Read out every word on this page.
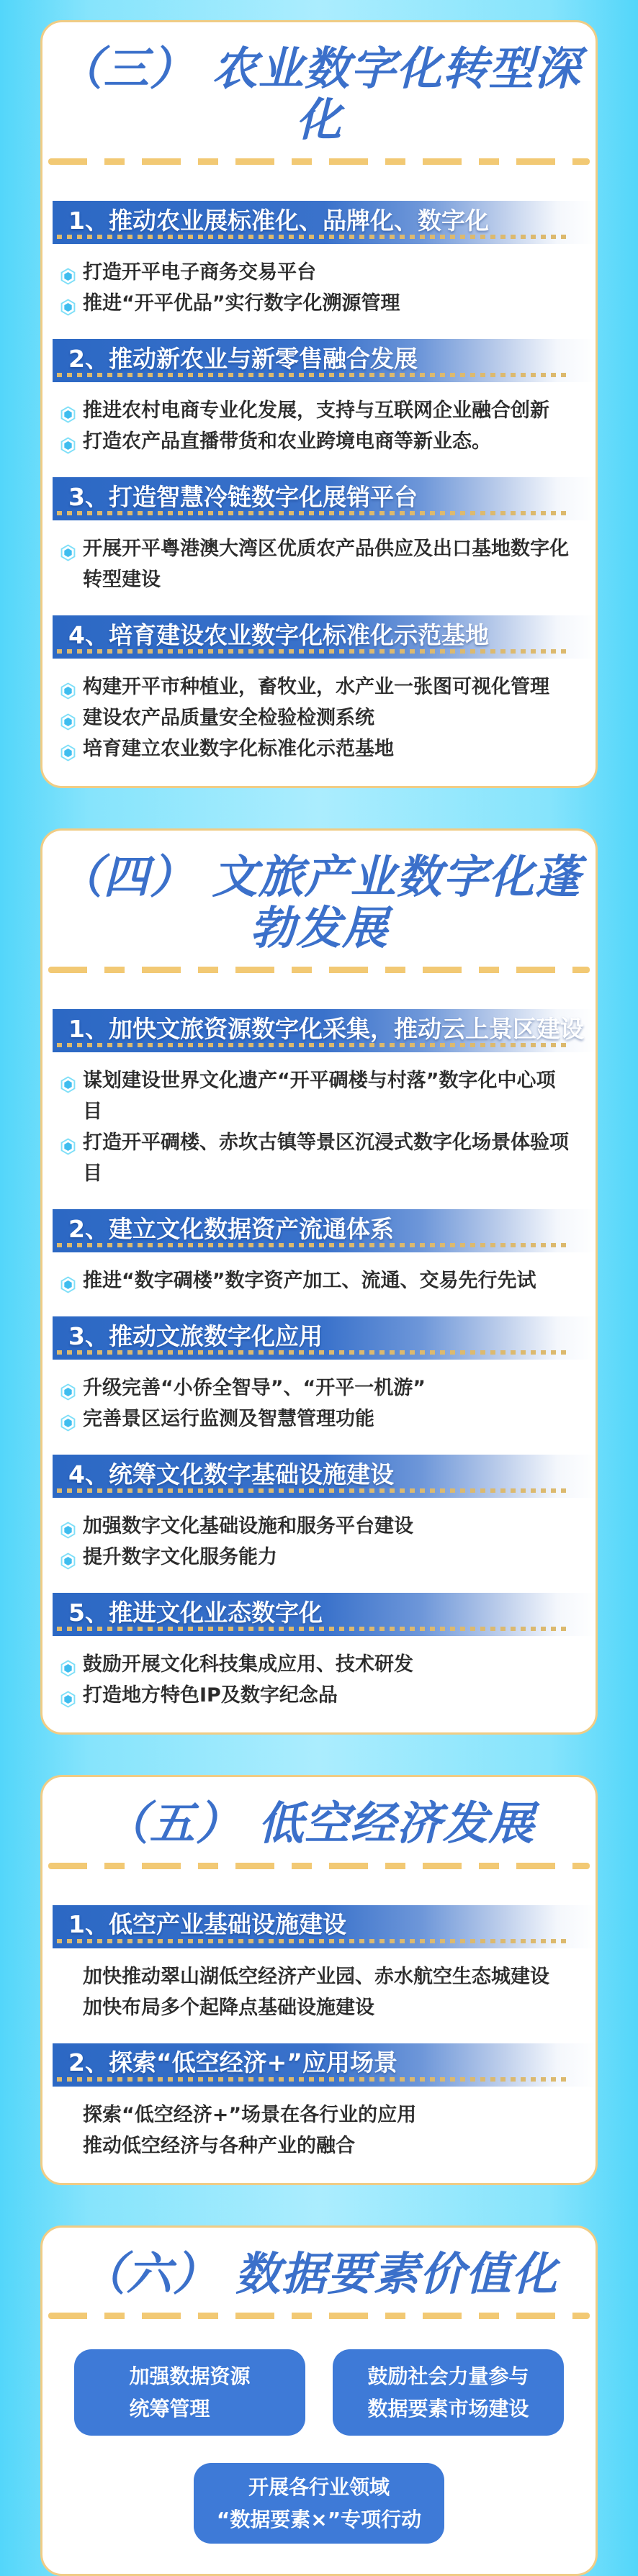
（三） 农业数字化转型深化
1、推动农业展标准化、品牌化、数字化
打造开平电子商务交易平台
推进“开平优品”实行数字化溯源管理
2、推动新农业与新零售融合发展
推进农村电商专业化发展，支持与互联网企业融合创新
打造农产品直播带货和农业跨境电商等新业态。
3、打造智慧冷链数字化展销平台
开展开平粤港澳大湾区优质农产品供应及出口基地数字化 转型建设
4、培育建设农业数字化标准化示范基地
构建开平市种植业，畜牧业，水产业一张图可视化管理
建设农产品质量安全检验检测系统
培育建立农业数字化标准化示范基地
（四） 文旅产业数字化蓬勃发展
1、加快文旅资源数字化采集，推动云上景区建设
谋划建设世界文化遗产“开平碉楼与村落”数字化中心项目
打造开平碉楼、赤坎古镇等景区沉浸式数字化场景体验项目
2、建立文化数据资产流通体系
推进“数字碉楼”数字资产加工、流通、交易先行先试
3、推动文旅数字化应用
升级完善“小侨全智导”、“开平一机游”
完善景区运行监测及智慧管理功能
4、统筹文化数字基础设施建设
加强数字文化基础设施和服务平台建设
提升数字文化服务能力
5、推进文化业态数字化
鼓励开展文化科技集成应用、技术研发
打造地方特色IP及数字纪念品
（五） 低空经济发展
1、低空产业基础设施建设
加快推动翠山湖低空经济产业园、赤水航空生态城建设
加快布局多个起降点基础设施建设
2、探索“低空经济+”应用场景
探索“低空经济+”场景在各行业的应用
推动低空经济与各种产业的融合
（六） 数据要素价值化
加强数据资源
统筹管理
鼓励社会力量参与
数据要素市场建设
开展各行业领域
“数据要素×”专项行动
